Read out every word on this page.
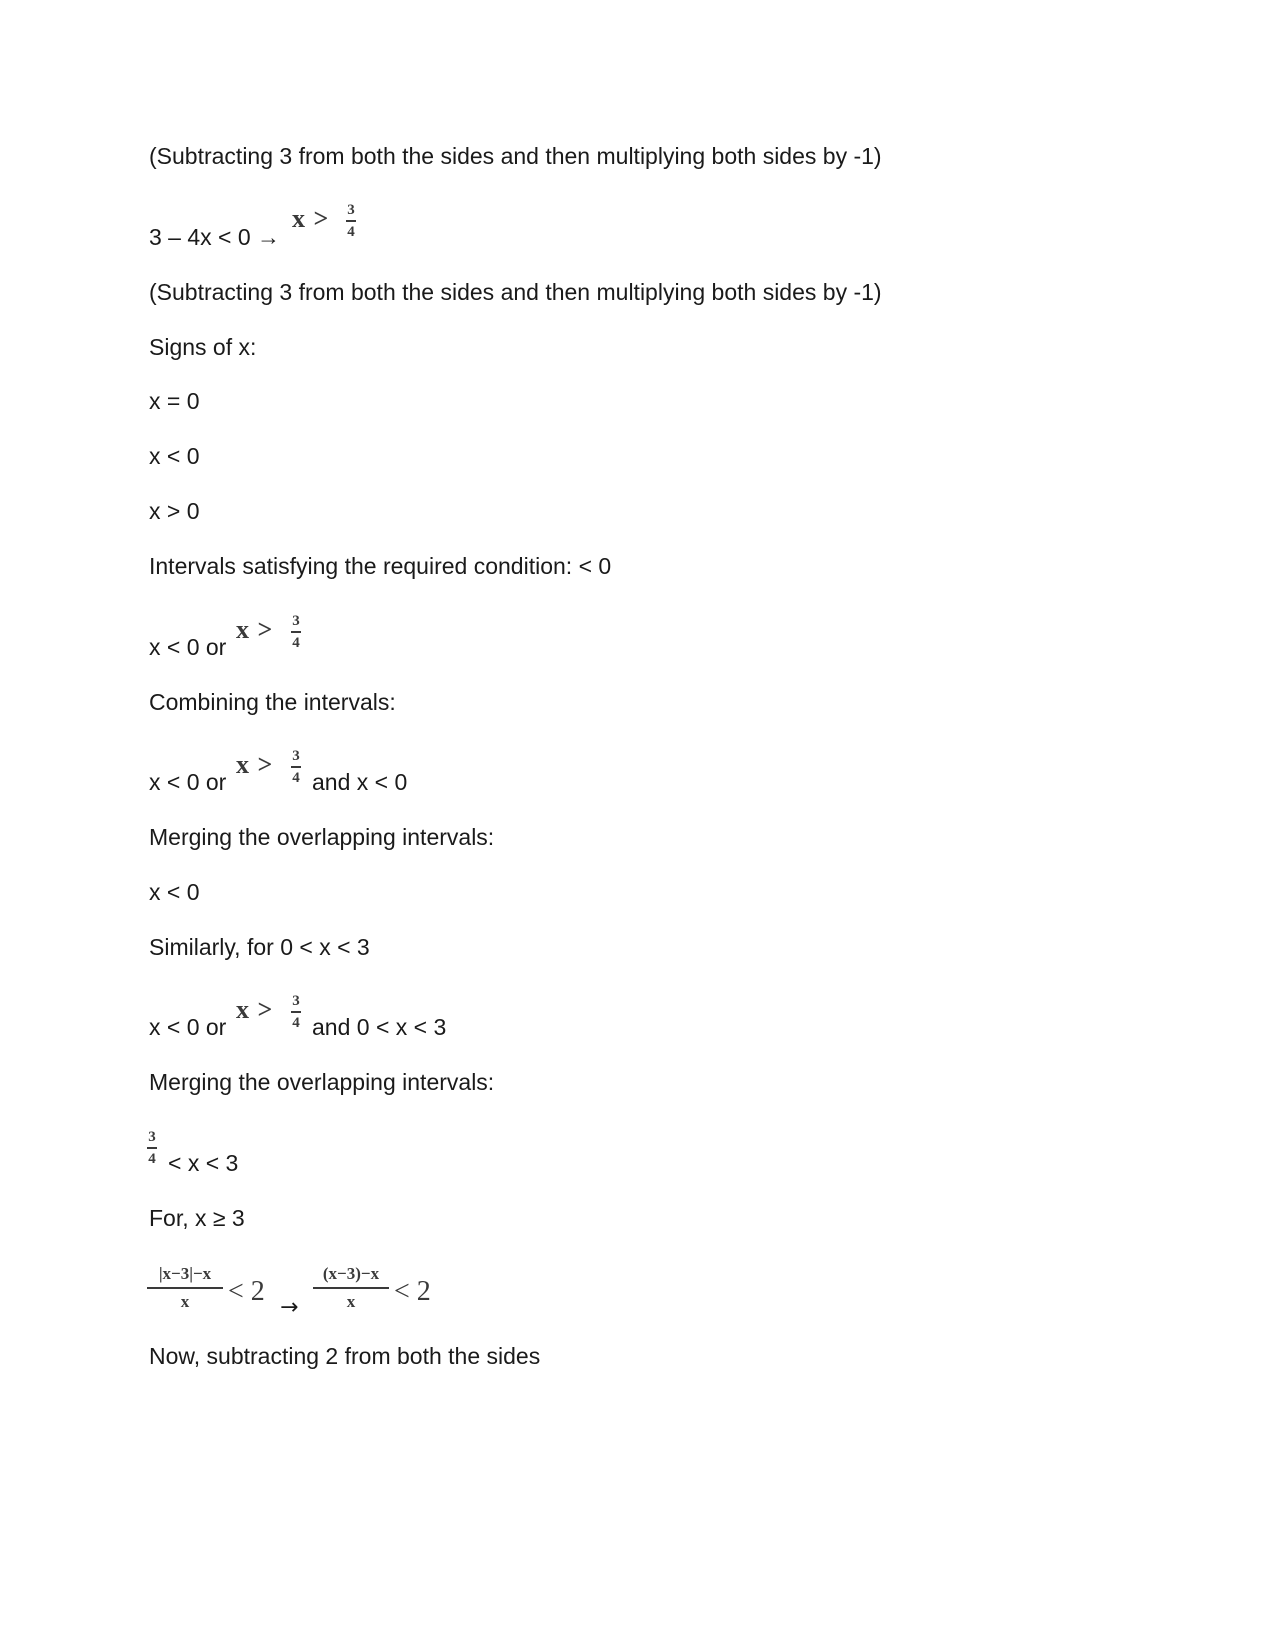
(Subtracting 3 from both the sides and then multiplying both sides by -1)
3 – 4x < 0 →
x > 3
4
(Subtracting 3 from both the sides and then multiplying both sides by -1)
Signs of x:
x = 0
x < 0
x > 0
Intervals satisfying the required condition: < 0
x < 0 or
x > 3
4
Combining the intervals:
x < 0 or
x > 3
4 and x < 0
Merging the overlapping intervals:
x < 0
Similarly, for 0 < x < 3
x < 0 or
x > 3
4 and 0 < x < 3
Merging the overlapping intervals:
3
4 < x < 3
For, x ≥ 3
|x−3|−x
x < 2
→
(x−3)−x
x < 2
Now, subtracting 2 from both the sides
